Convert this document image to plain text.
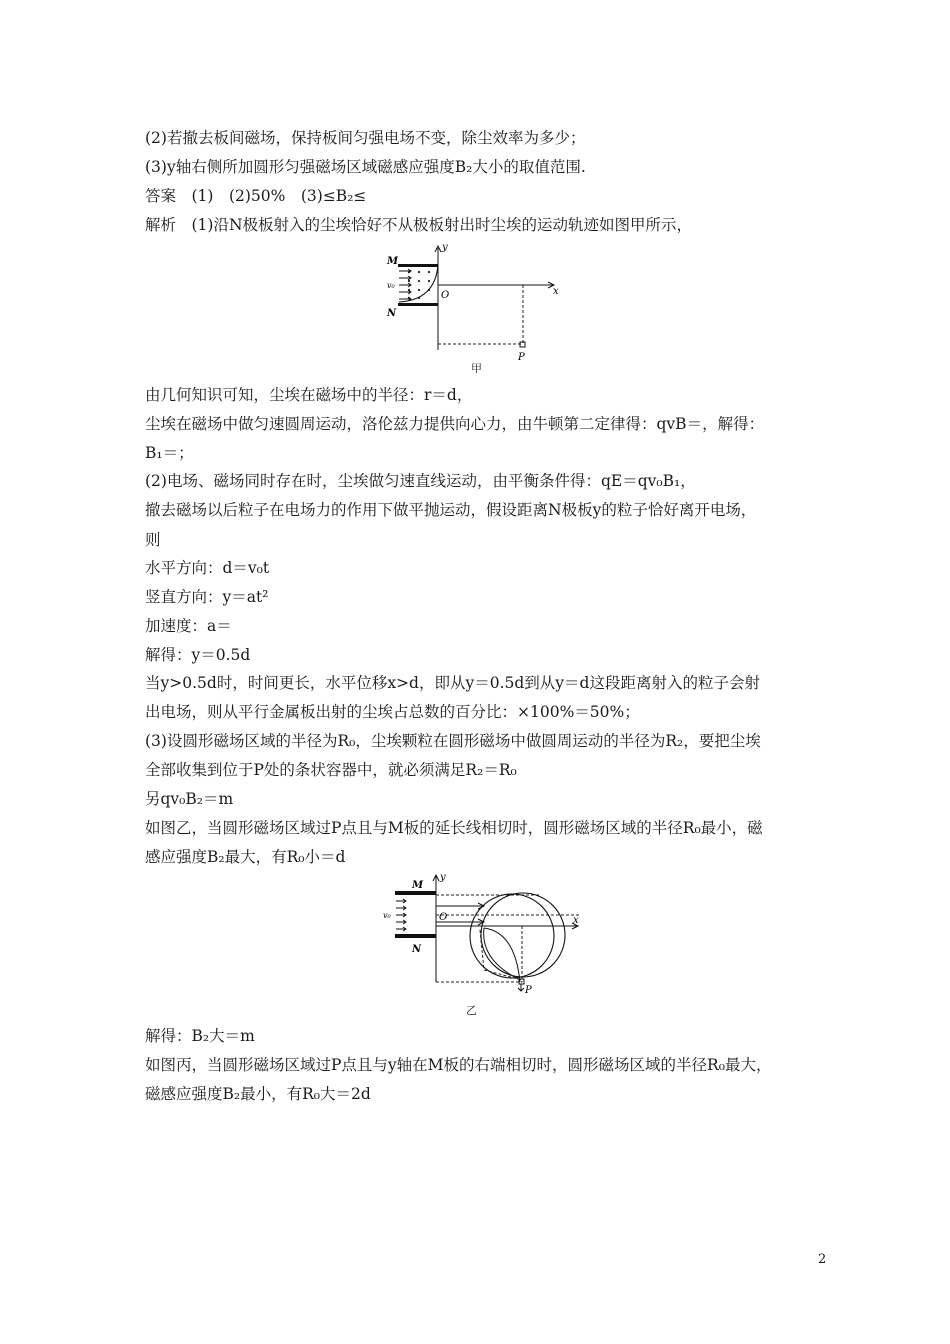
(2)若撤去板间磁场，保持板间匀强电场不变，除尘效率为多少；
(3)y轴右侧所加圆形匀强磁场区域磁感应强度B₂大小的取值范围.
答案　(1)　(2)50%　(3)≤B₂≤
解析　(1)沿N极板射入的尘埃恰好不从极板射出时尘埃的运动轨迹如图甲所示，
M
N
v₀
O	x
y
P
甲
由几何知识可知，尘埃在磁场中的半径：r＝d，
尘埃在磁场中做匀速圆周运动，洛伦兹力提供向心力，由牛顿第二定律得：qvB＝，解得：
B₁＝；
(2)电场、磁场同时存在时，尘埃做匀速直线运动，由平衡条件得：qE＝qv₀B₁，
撤去磁场以后粒子在电场力的作用下做平抛运动，假设距离N极板y的粒子恰好离开电场，
则
水平方向：d＝v₀t
竖直方向：y＝at²
加速度：a＝
解得：y＝0.5d
当y>0.5d时，时间更长，水平位移x>d，即从y＝0.5d到从y＝d这段距离射入的粒子会射
出电场，则从平行金属板出射的尘埃占总数的百分比：×100%＝50%；
(3)设圆形磁场区域的半径为R₀，尘埃颗粒在圆形磁场中做圆周运动的半径为R₂，要把尘埃
全部收集到位于P处的条状容器中，就必须满足R₂＝R₀
另qv₀B₂＝m
如图乙，当圆形磁场区域过P点且与M板的延长线相切时，圆形磁场区域的半径R₀最小，磁
感应强度B₂最大，有R₀小＝d
M
N
v₀	O	x
y
P
乙
解得：B₂大＝m
如图丙，当圆形磁场区域过P点且与y轴在M板的右端相切时，圆形磁场区域的半径R₀最大，
磁感应强度B₂最小，有R₀大＝2d
2
